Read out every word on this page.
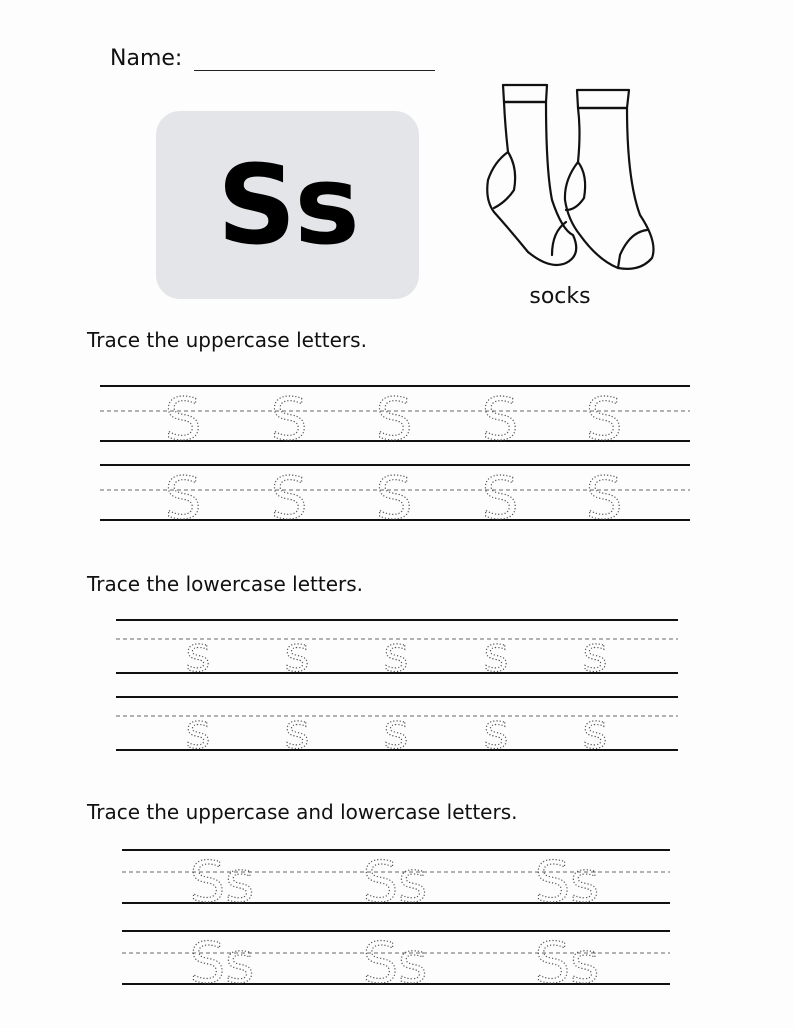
Name:
Ss
socks
Trace the uppercase letters.
Trace the lowercase letters.
Trace the uppercase and lowercase letters.
S S S S S
S S S S S
s s s s s
s s s s s
Ss Ss Ss
Ss Ss Ss
